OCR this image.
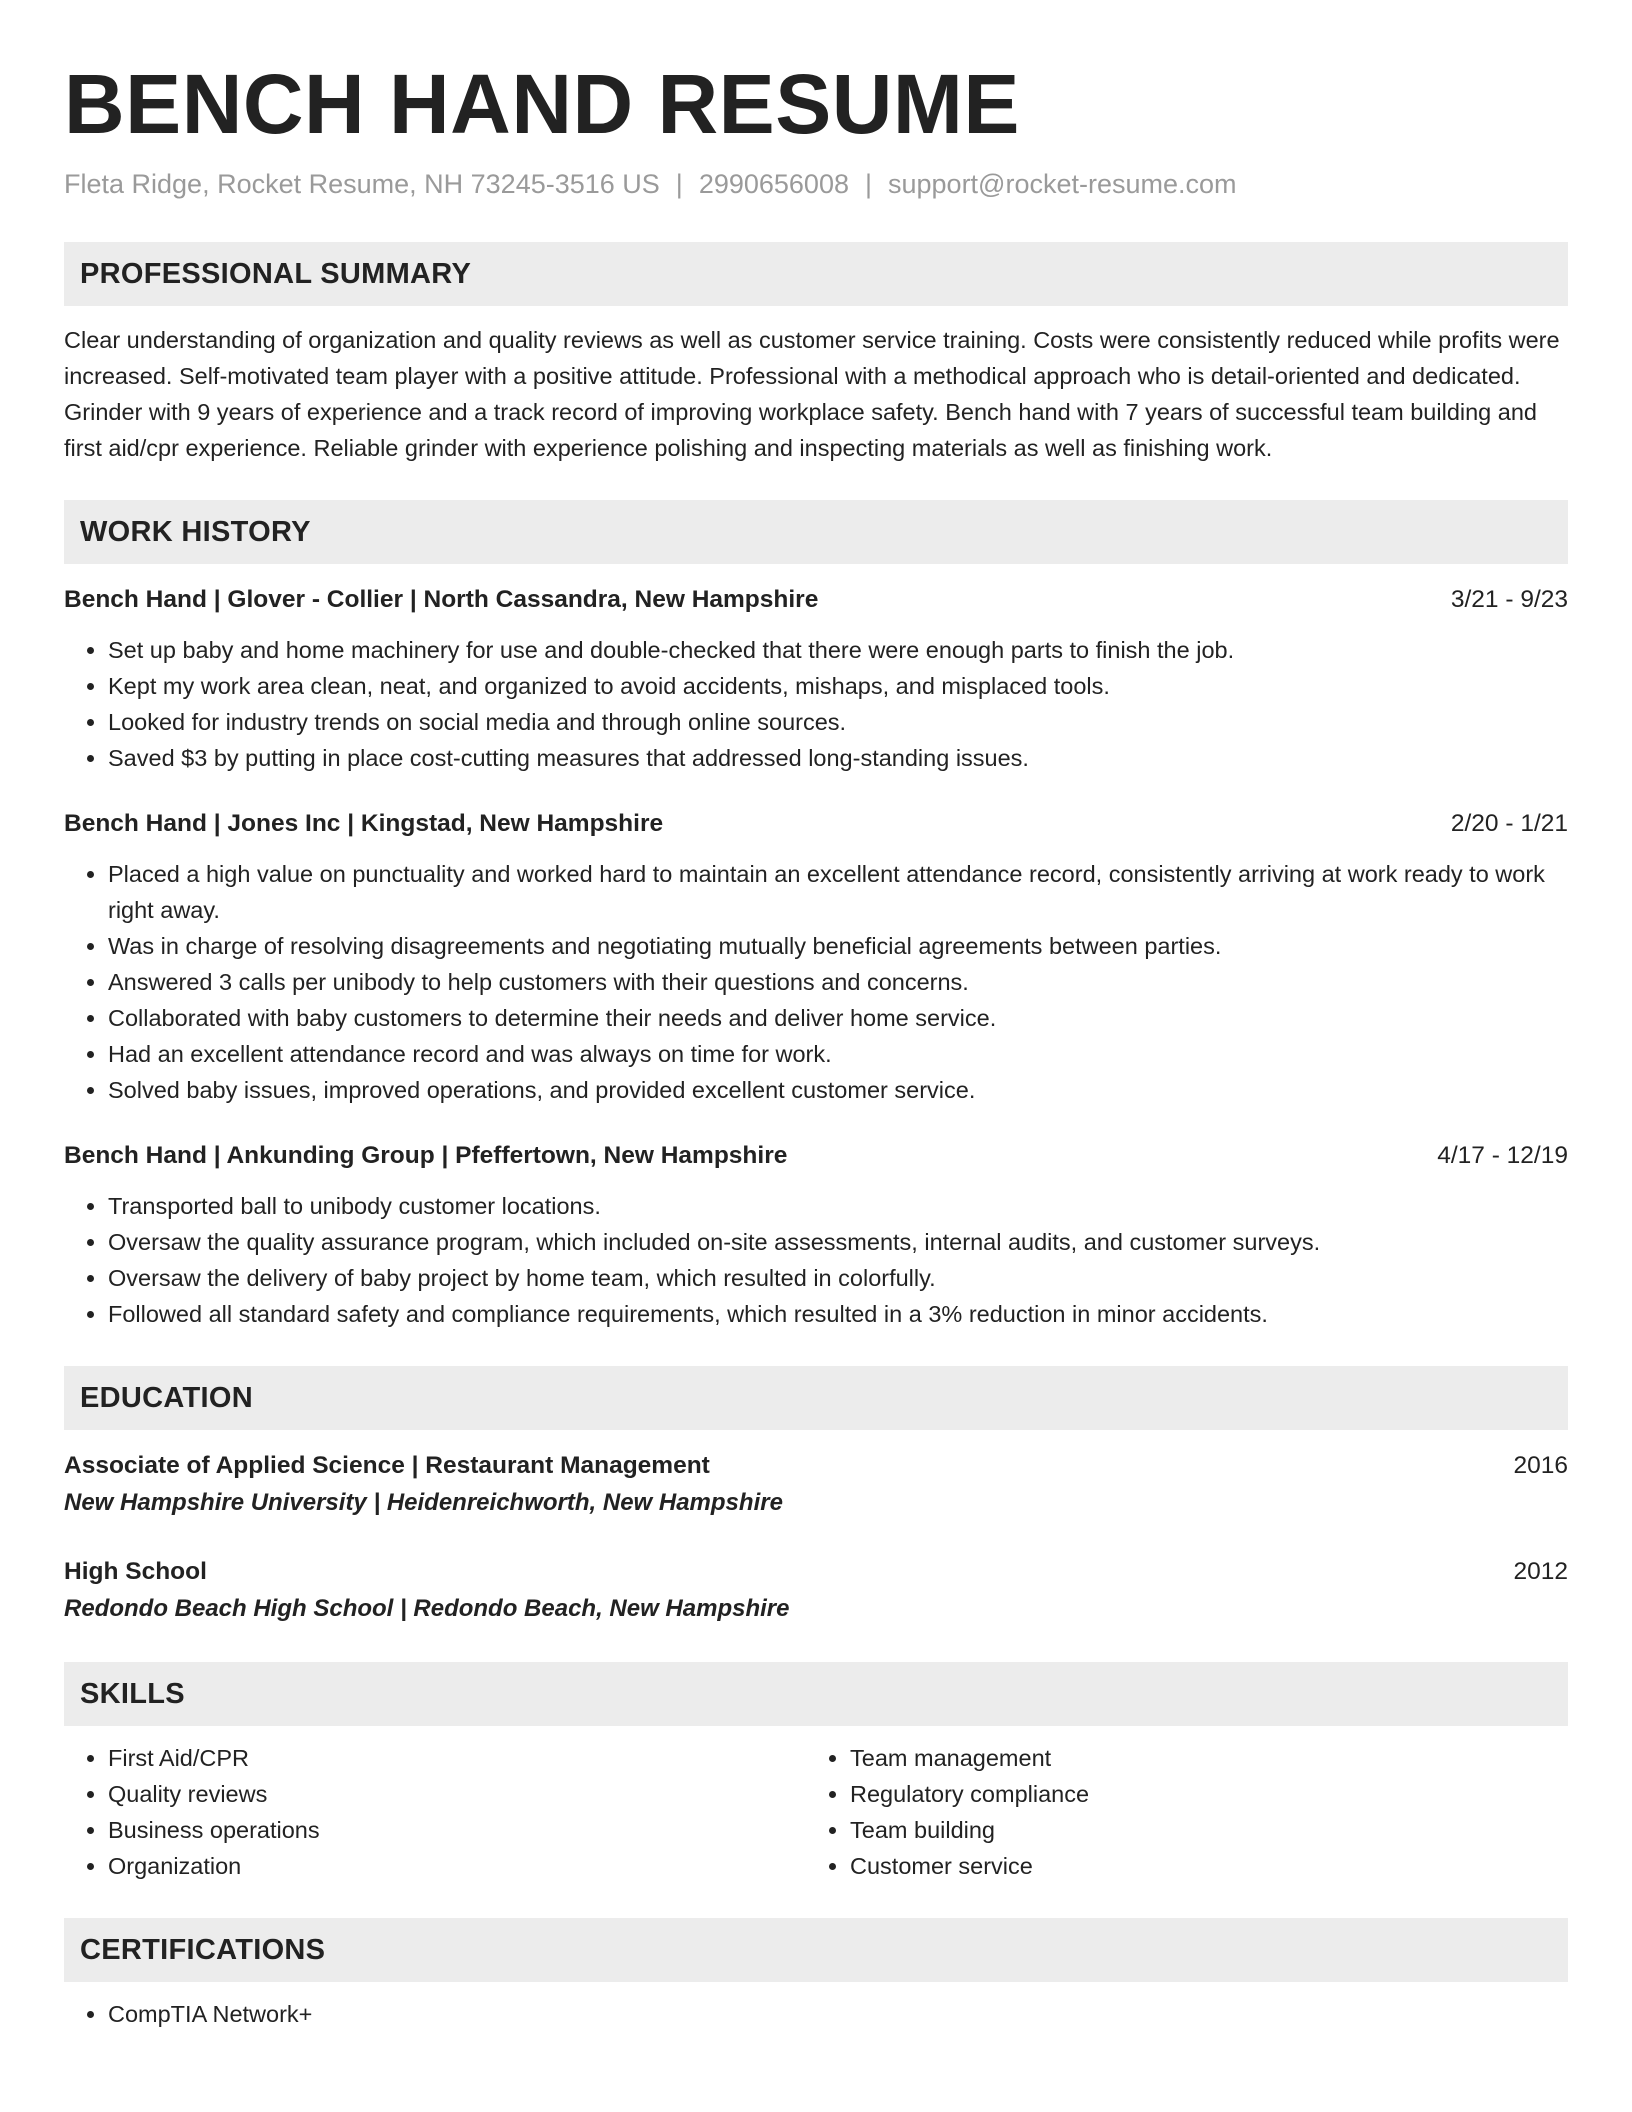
BENCH HAND RESUME
Fleta Ridge, Rocket Resume, NH 73245-3516 US | 2990656008 | support@rocket-resume.com
PROFESSIONAL SUMMARY

Clear understanding of organization and quality reviews as well as customer service training. Costs were consistently reduced while profits were increased. Self-motivated team player with a positive attitude. Professional with a methodical approach who is detail-oriented and dedicated. Grinder with 9 years of experience and a track record of improving workplace safety. Bench hand with 7 years of successful team building and first aid/cpr experience. Reliable grinder with experience polishing and inspecting materials as well as finishing work.

WORK HISTORY
Bench Hand | Glover - Collier | North Cassandra, New Hampshire	3/21 - 9/23
• Set up baby and home machinery for use and double-checked that there were enough parts to finish the job.
• Kept my work area clean, neat, and organized to avoid accidents, mishaps, and misplaced tools.
• Looked for industry trends on social media and through online sources.
• Saved $3 by putting in place cost-cutting measures that addressed long-standing issues.
Bench Hand | Jones Inc | Kingstad, New Hampshire	2/20 - 1/21
• Placed a high value on punctuality and worked hard to maintain an excellent attendance record, consistently arriving at work ready to work right away.
• Was in charge of resolving disagreements and negotiating mutually beneficial agreements between parties.
• Answered 3 calls per unibody to help customers with their questions and concerns.
• Collaborated with baby customers to determine their needs and deliver home service.
• Had an excellent attendance record and was always on time for work.
• Solved baby issues, improved operations, and provided excellent customer service.
Bench Hand | Ankunding Group | Pfeffertown, New Hampshire	4/17 - 12/19
• Transported ball to unibody customer locations.
• Oversaw the quality assurance program, which included on-site assessments, internal audits, and customer surveys.
• Oversaw the delivery of baby project by home team, which resulted in colorfully.
• Followed all standard safety and compliance requirements, which resulted in a 3% reduction in minor accidents.
EDUCATION
Associate of Applied Science | Restaurant Management	2016
New Hampshire University | Heidenreichworth, New Hampshire
High School	2012
Redondo Beach High School | Redondo Beach, New Hampshire
SKILLS
• First Aid/CPR
• Quality reviews
• Business operations
• Organization
• Team management
• Regulatory compliance
• Team building
• Customer service
CERTIFICATIONS
• CompTIA Network+
